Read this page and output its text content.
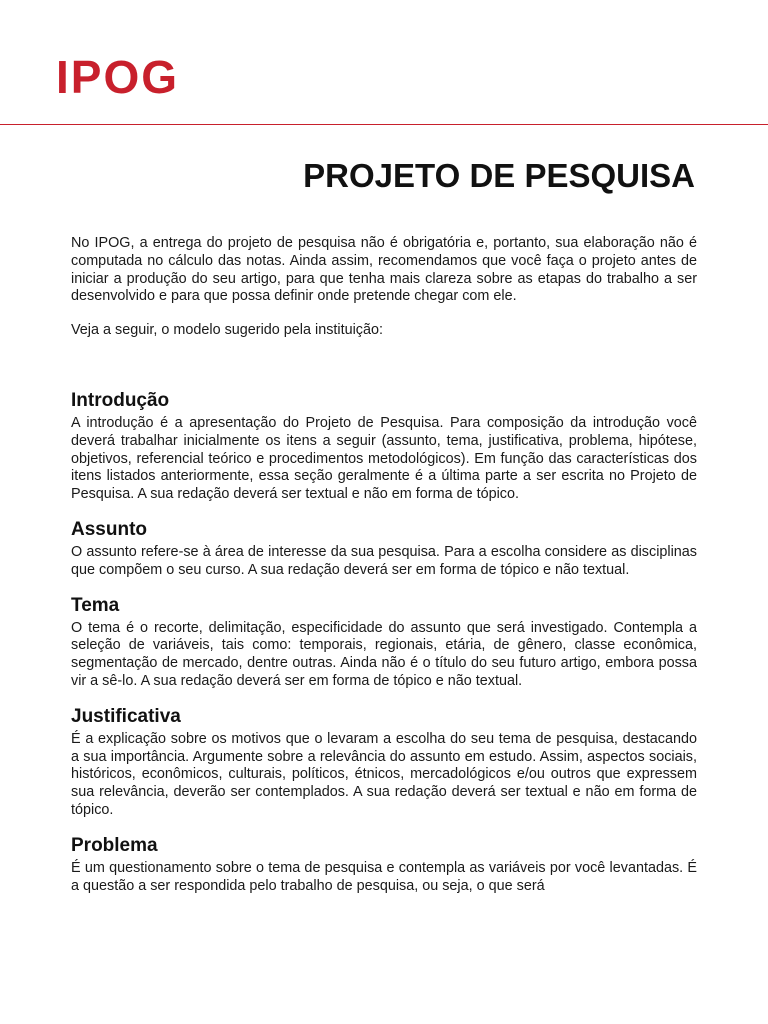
IPOG
PROJETO DE PESQUISA

No IPOG, a entrega do projeto de pesquisa não é obrigatória e, portanto, sua elaboração não é computada no cálculo das notas. Ainda assim, recomendamos que você faça o projeto antes de iniciar a produção do seu artigo, para que tenha mais clareza sobre as etapas do trabalho a ser desenvolvido e para que possa definir onde pretende chegar com ele.

Veja a seguir, o modelo sugerido pela instituição:

Introdução

A introdução é a apresentação do Projeto de Pesquisa. Para composição da introdução você deverá trabalhar inicialmente os itens a seguir (assunto, tema, justificativa, problema, hipótese, objetivos, referencial teórico e procedimentos metodológicos). Em função das características dos itens listados anteriormente, essa seção geralmente é a última parte a ser escrita no Projeto de Pesquisa. A sua redação deverá ser textual e não em forma de tópico.

Assunto

O assunto refere-se à área de interesse da sua pesquisa. Para a escolha considere as disciplinas que compõem o seu curso. A sua redação deverá ser em forma de tópico e não textual.

Tema

O tema é o recorte, delimitação, especificidade do assunto que será investigado. Contempla a seleção de variáveis, tais como: temporais, regionais, etária, de gênero, classe econômica, segmentação de mercado, dentre outras. Ainda não é o título do seu futuro artigo, embora possa vir a sê-lo. A sua redação deverá ser em forma de tópico e não textual.

Justificativa

É a explicação sobre os motivos que o levaram a escolha do seu tema de pesquisa, destacando a sua importância. Argumente sobre a relevância do assunto em estudo. Assim, aspectos sociais, históricos, econômicos, culturais, políticos, étnicos, mercadológicos e/ou outros que expressem sua relevância, deverão ser contemplados. A sua redação deverá ser textual e não em forma de tópico.

Problema

É um questionamento sobre o tema de pesquisa e contempla as variáveis por você levantadas. É a questão a ser respondida pelo trabalho de pesquisa, ou seja, o que será
